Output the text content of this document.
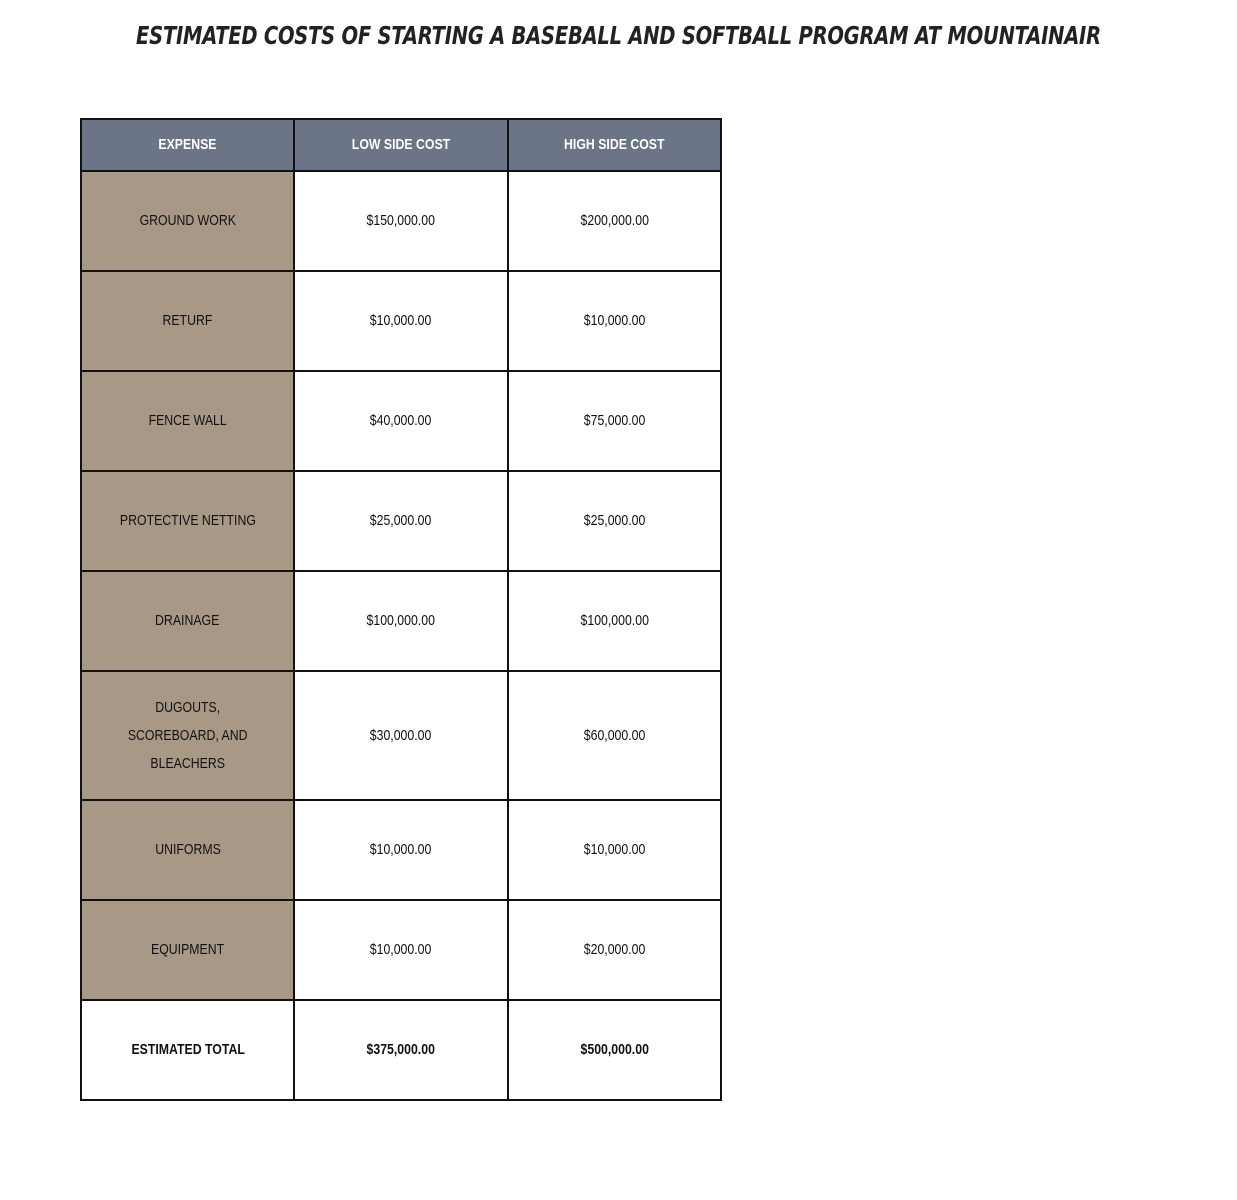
ESTIMATED COSTS OF STARTING A BASEBALL AND SOFTBALL PROGRAM AT MOUNTAINAIR
EXPENSE	LOW SIDE COST	HIGH SIDE COST
GROUND WORK	$150,000.00	$200,000.00
RETURF	$10,000.00	$10,000.00
FENCE WALL	$40,000.00	$75,000.00
PROTECTIVE NETTING	$25,000.00	$25,000.00
DRAINAGE	$100,000.00	$100,000.00
DUGOUTS, SCOREBOARD, AND BLEACHERS	$30,000.00	$60,000.00
UNIFORMS	$10,000.00	$10,000.00
EQUIPMENT	$10,000.00	$20,000.00
ESTIMATED TOTAL	$375,000.00	$500,000.00
